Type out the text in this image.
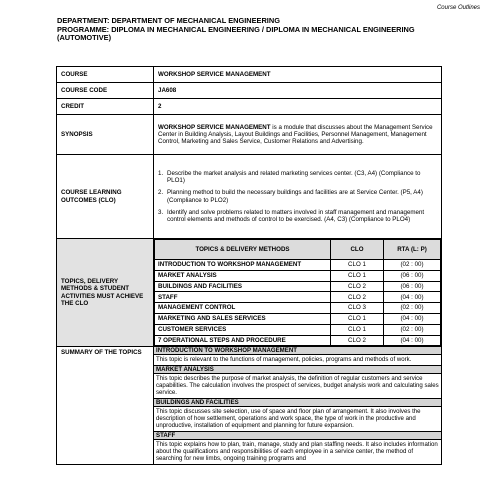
Course Outlines
DEPARTMENT: DEPARTMENT OF MECHANICAL ENGINEERING
PROGRAMME: DIPLOMA IN MECHANICAL ENGINEERING / DIPLOMA IN MECHANICAL ENGINEERING (AUTOMOTIVE)
COURSE	WORKSHOP SERVICE MANAGEMENT
COURSE CODE	JA608
CREDIT	2
SYNOPSIS	WORKSHOP SERVICE MANAGEMENT is a module that discusses about the Management Service Center in Building Analysis, Layout Buildings and Facilities, Personnel Management, Management Control, Marketing and Sales Service, Customer Relations and Advertising.
COURSE LEARNING OUTCOMES (CLO)	
1. Describe the market analysis and related marketing services center. (C3, A4) (Compliance to PLO1)
2. Planning method to build the necessary buildings and facilities are at Service Center. (P5, A4) (Compliance to PLO2)
3. Identify and solve problems related to matters involved in staff management and management control elements and methods of control to be exercised. (A4, C3) (Compliance to PLO4)

TOPICS, DELIVERY METHODS & STUDENT ACTIVITIES MUST ACHIEVE THE CLO	
TOPICS & DELIVERY METHODS	CLO	RTA (L: P)
INTRODUCTION TO WORKSHOP MANAGEMENT	CLO 1	(02 : 00)
MARKET ANALYSIS	CLO 1	(06 : 00)
BUILDINGS AND FACILITIES	CLO 2	(06 : 00)
STAFF	CLO 2	(04 : 00)
MANAGEMENT CONTROL	CLO 3	(02 : 00)
MARKETING AND SALES SERVICES	CLO 1	(04 : 00)
CUSTOMER SERVICES	CLO 1	(02 : 00)
7 OPERATIONAL STEPS AND PROCEDURE	CLO 2	(04 : 00)

SUMMARY OF THE TOPICS	INTRODUCTION TO WORKSHOP MANAGEMENT
This topic is relevant to the functions of management, policies, programs and methods of work.
MARKET ANALYSIS
This topic describes the purpose of market analysis, the definition of regular customers and service capabilities. The calculation involves the prospect of services, budget analysis work and calculating sales service.
BUILDINGS AND FACILITIES
This topic discusses site selection, use of space and floor plan of arrangement. It also involves the description of how settlement, operations and work space, the type of work in the productive and unproductive, installation of equipment and planning for future expansion.
STAFF
This topic explains how to plan, train, manage, study and plan staffing needs. It also includes information about the qualifications and responsibilities of each employee in a service center, the method of searching for new limbs, ongoing training programs and
